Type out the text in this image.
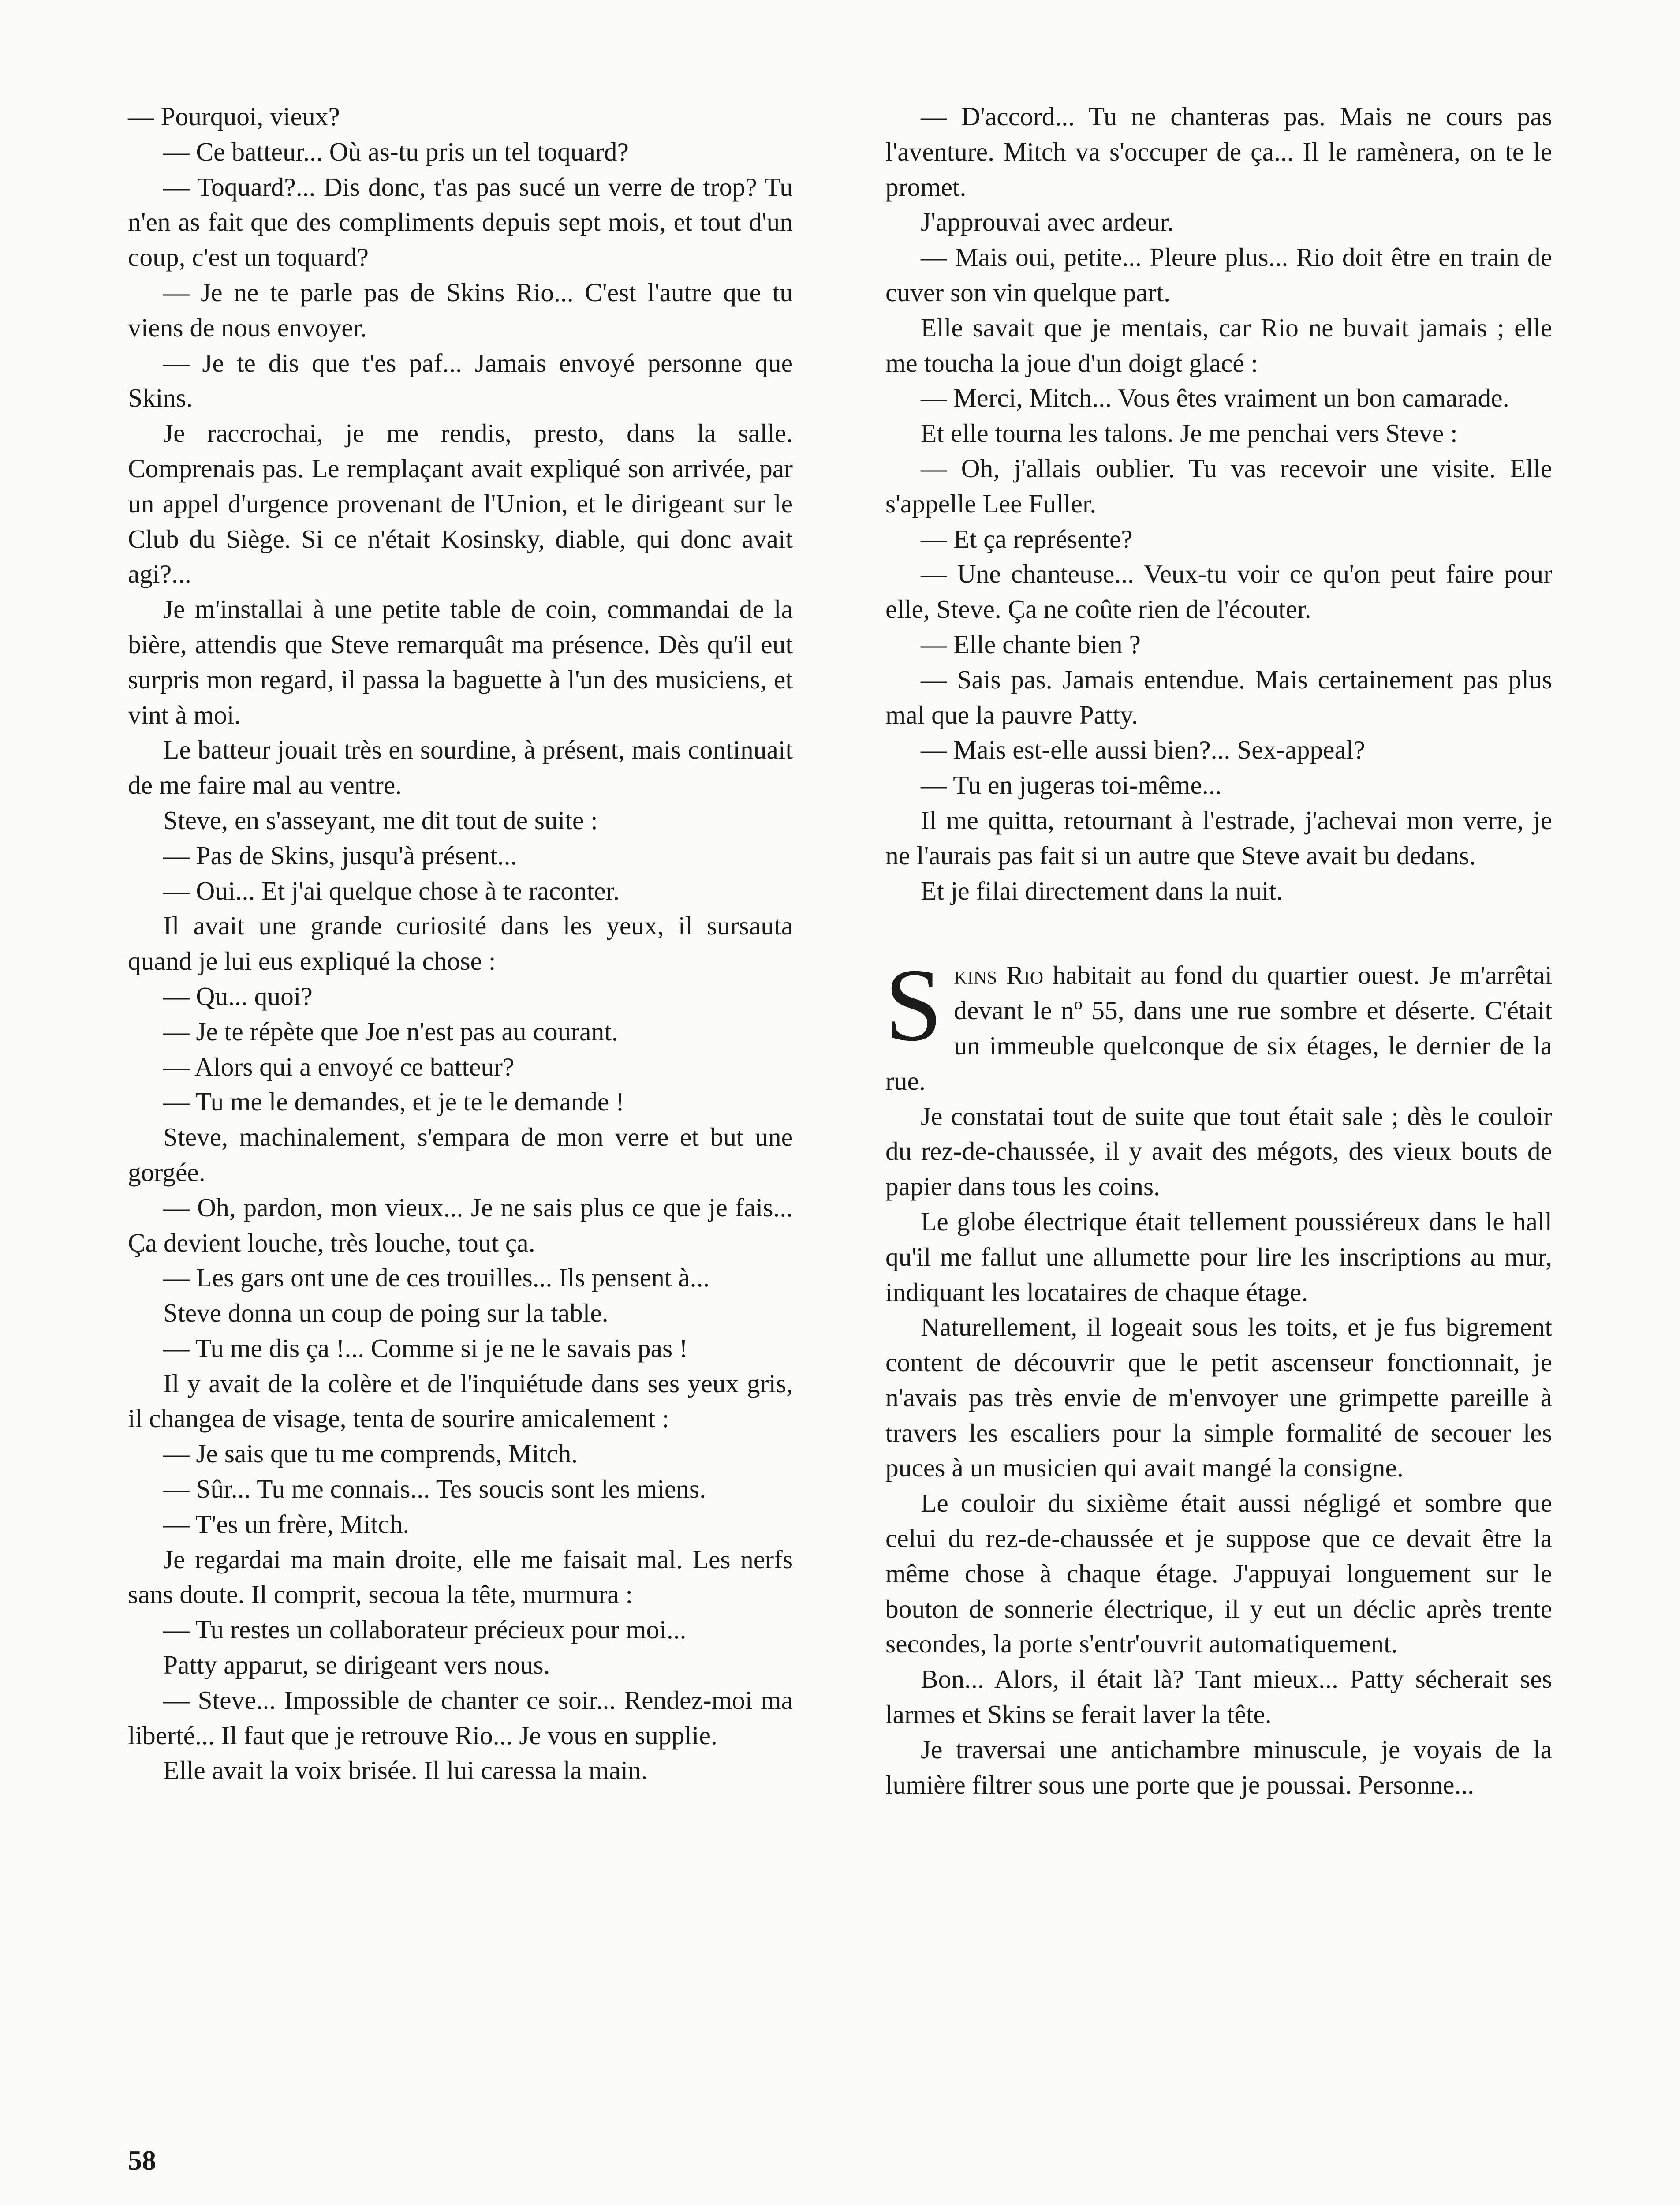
— Pourquoi, vieux?

— Ce batteur... Où as-tu pris un tel toquard?

— Toquard?... Dis donc, t'as pas sucé un verre de trop? Tu n'en as fait que des compliments depuis sept mois, et tout d'un coup, c'est un toquard?

— Je ne te parle pas de Skins Rio... C'est l'autre que tu viens de nous envoyer.

— Je te dis que t'es paf... Jamais envoyé personne que Skins.

Je raccrochai, je me rendis, presto, dans la salle. Comprenais pas. Le remplaçant avait expliqué son arrivée, par un appel d'urgence provenant de l'Union, et le dirigeant sur le Club du Siège. Si ce n'était Kosinsky, diable, qui donc avait agi?...

Je m'installai à une petite table de coin, commandai de la bière, attendis que Steve remarquât ma présence. Dès qu'il eut surpris mon regard, il passa la baguette à l'un des musiciens, et vint à moi.

Le batteur jouait très en sourdine, à présent, mais continuait de me faire mal au ventre.

Steve, en s'asseyant, me dit tout de suite :

— Pas de Skins, jusqu'à présent...

— Oui... Et j'ai quelque chose à te raconter.

Il avait une grande curiosité dans les yeux, il sursauta quand je lui eus expliqué la chose :

— Qu... quoi?

— Je te répète que Joe n'est pas au courant.

— Alors qui a envoyé ce batteur?

— Tu me le demandes, et je te le demande !

Steve, machinalement, s'empara de mon verre et but une gorgée.

— Oh, pardon, mon vieux... Je ne sais plus ce que je fais... Ça devient louche, très louche, tout ça.

— Les gars ont une de ces trouilles... Ils pensent à...

Steve donna un coup de poing sur la table.

— Tu me dis ça !... Comme si je ne le savais pas !

Il y avait de la colère et de l'inquiétude dans ses yeux gris, il changea de visage, tenta de sourire amicalement :

— Je sais que tu me comprends, Mitch.

— Sûr... Tu me connais... Tes soucis sont les miens.

— T'es un frère, Mitch.

Je regardai ma main droite, elle me faisait mal. Les nerfs sans doute. Il comprit, secoua la tête, murmura :

— Tu restes un collaborateur précieux pour moi...

Patty apparut, se dirigeant vers nous.

— Steve... Impossible de chanter ce soir... Rendez-moi ma liberté... Il faut que je retrouve Rio... Je vous en supplie.

Elle avait la voix brisée. Il lui caressa la main.

— D'accord... Tu ne chanteras pas. Mais ne cours pas l'aventure. Mitch va s'occuper de ça... Il le ramènera, on te le promet.

J'approuvai avec ardeur.

— Mais oui, petite... Pleure plus... Rio doit être en train de cuver son vin quelque part.

Elle savait que je mentais, car Rio ne buvait jamais ; elle me toucha la joue d'un doigt glacé :

— Merci, Mitch... Vous êtes vraiment un bon camarade.

Et elle tourna les talons. Je me penchai vers Steve :

— Oh, j'allais oublier. Tu vas recevoir une visite. Elle s'appelle Lee Fuller.

— Et ça représente?

— Une chanteuse... Veux-tu voir ce qu'on peut faire pour elle, Steve. Ça ne coûte rien de l'écouter.

— Elle chante bien ?

— Sais pas. Jamais entendue. Mais certainement pas plus mal que la pauvre Patty.

— Mais est-elle aussi bien?... Sex-appeal?

— Tu en jugeras toi-même...

Il me quitta, retournant à l'estrade, j'achevai mon verre, je ne l'aurais pas fait si un autre que Steve avait bu dedans.

Et je filai directement dans la nuit.

Skins Rio habitait au fond du quartier ouest. Je m'arrêtai devant le nº 55, dans une rue sombre et déserte. C'était un immeuble quelconque de six étages, le dernier de la rue.

Je constatai tout de suite que tout était sale ; dès le couloir du rez-de-chaussée, il y avait des mégots, des vieux bouts de papier dans tous les coins.

Le globe électrique était tellement poussiéreux dans le hall qu'il me fallut une allumette pour lire les inscriptions au mur, indiquant les locataires de chaque étage.

Naturellement, il logeait sous les toits, et je fus bigrement content de découvrir que le petit ascenseur fonctionnait, je n'avais pas très envie de m'envoyer une grimpette pareille à travers les escaliers pour la simple formalité de secouer les puces à un musicien qui avait mangé la consigne.

Le couloir du sixième était aussi négligé et sombre que celui du rez-de-chaussée et je suppose que ce devait être la même chose à chaque étage. J'appuyai longuement sur le bouton de sonnerie électrique, il y eut un déclic après trente secondes, la porte s'entr'ouvrit automatiquement.

Bon... Alors, il était là? Tant mieux... Patty sécherait ses larmes et Skins se ferait laver la tête.

Je traversai une antichambre minuscule, je voyais de la lumière filtrer sous une porte que je poussai. Personne...

58
